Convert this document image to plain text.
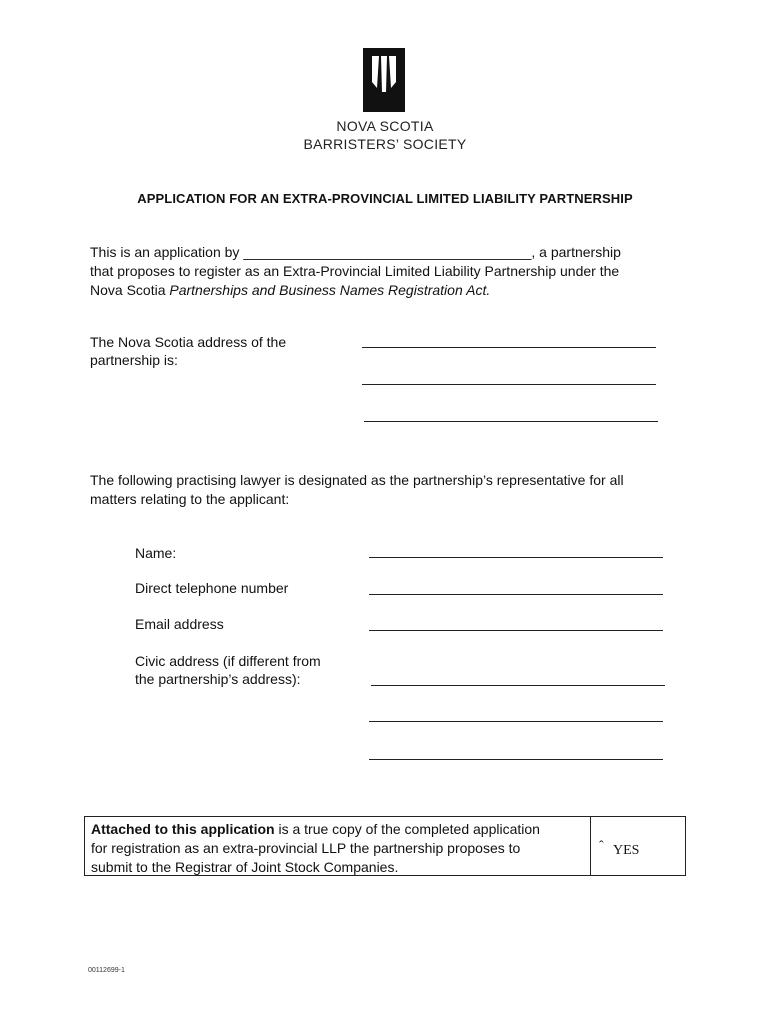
NOVA SCOTIA
BARRISTERS’ SOCIETY
APPLICATION FOR AN EXTRA-PROVINCIAL LIMITED LIABILITY PARTNERSHIP
This is an application by _____________________________________, a partnership
that proposes to register as an Extra-Provincial Limited Liability Partnership under the
Nova Scotia Partnerships and Business Names Registration Act.
The Nova Scotia address of the
partnership is:
The following practising lawyer is designated as the partnership’s representative for all
matters relating to the applicant:
Name:
Direct telephone number
Email address
Civic address (if different from
the partnership’s address):
Attached to this application is a true copy of the completed application
for registration as an extra-provincial LLP the partnership proposes to
submit to the Registrar of Joint Stock Companies.
ˆ YES
00112699-1
